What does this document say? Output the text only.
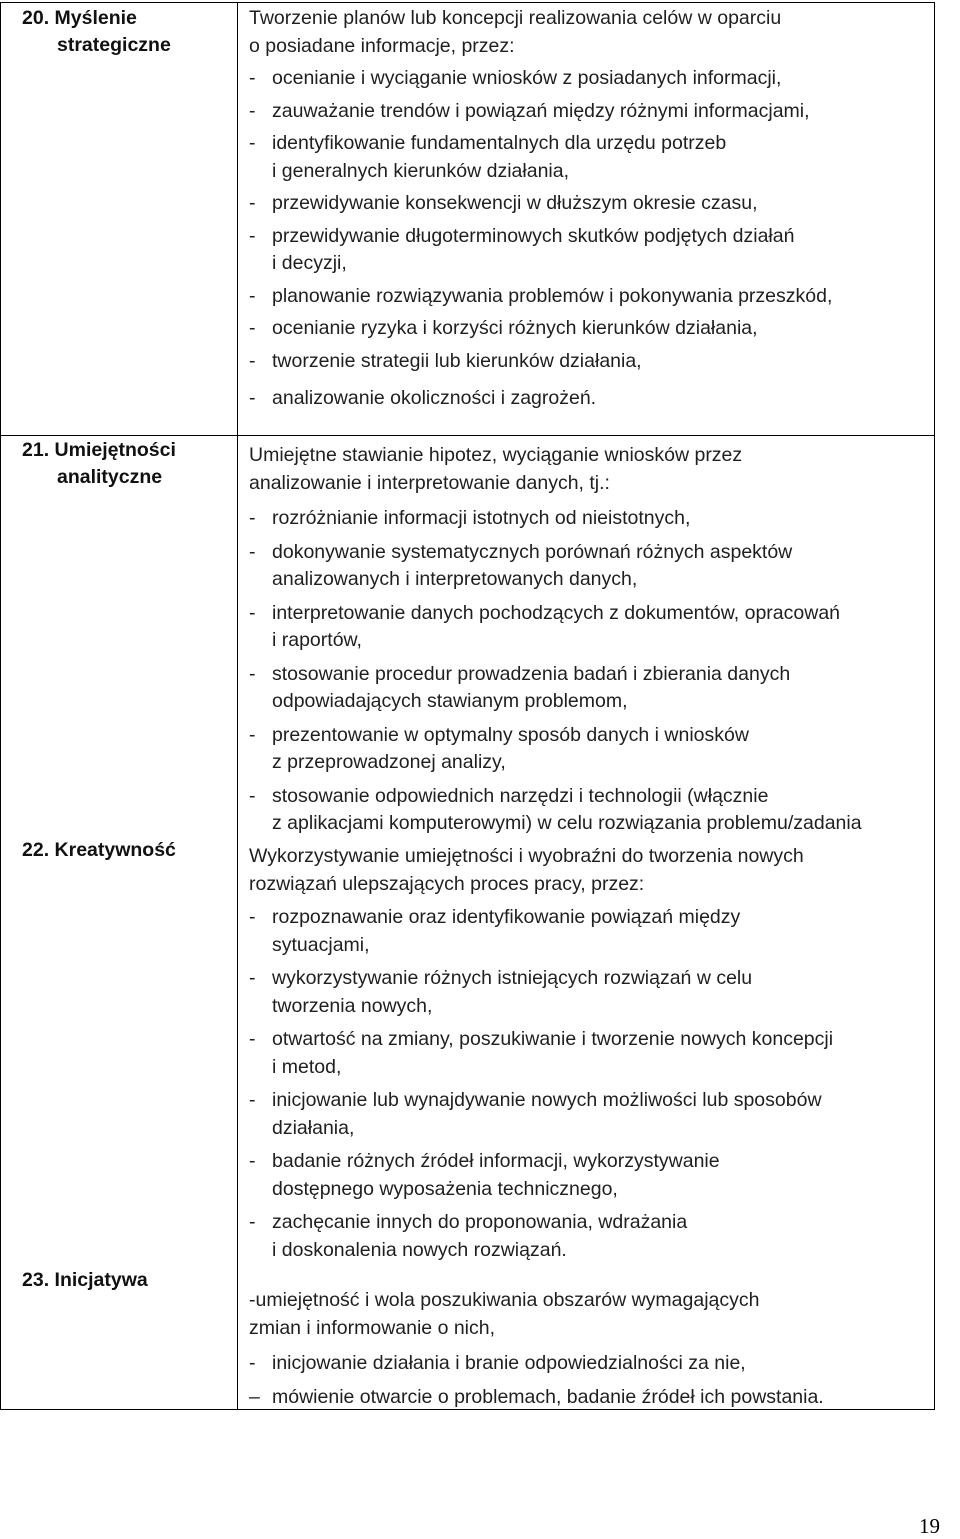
20. Myślenie
strategiczne
21. Umiejętności
analityczne
22. Kreatywność
23. Inicjatywa

Tworzenie planów lub koncepcji realizowania celów w oparciu
o posiadane informacje, przez:

- ocenianie i wyciąganie wniosków z posiadanych informacji,
- zauważanie trendów i powiązań między różnymi informacjami,
- identyfikowanie fundamentalnych dla urzędu potrzeb
i generalnych kierunków działania,
- przewidywanie konsekwencji w dłuższym okresie czasu,
- przewidywanie długoterminowych skutków podjętych działań
i decyzji,
- planowanie rozwiązywania problemów i pokonywania przeszkód,
- ocenianie ryzyka i korzyści różnych kierunków działania,
- tworzenie strategii lub kierunków działania,
- analizowanie okoliczności i zagrożeń.

Umiejętne stawianie hipotez, wyciąganie wniosków przez
analizowanie i interpretowanie danych, tj.:

- rozróżnianie informacji istotnych od nieistotnych,
- dokonywanie systematycznych porównań różnych aspektów
analizowanych i interpretowanych danych,
- interpretowanie danych pochodzących z dokumentów, opracowań
i raportów,
- stosowanie procedur prowadzenia badań i zbierania danych
odpowiadających stawianym problemom,
- prezentowanie w optymalny sposób danych i wniosków
z przeprowadzonej analizy,
- stosowanie odpowiednich narzędzi i technologii (włącznie
z aplikacjami komputerowymi) w celu rozwiązania problemu/zadania

Wykorzystywanie umiejętności i wyobraźni do tworzenia nowych
rozwiązań ulepszających proces pracy, przez:

- rozpoznawanie oraz identyfikowanie powiązań między
sytuacjami,
- wykorzystywanie różnych istniejących rozwiązań w celu
tworzenia nowych,
- otwartość na zmiany, poszukiwanie i tworzenie nowych koncepcji
i metod,
- inicjowanie lub wynajdywanie nowych możliwości lub sposobów
działania,
- badanie różnych źródeł informacji, wykorzystywanie
dostępnego wyposażenia technicznego,
- zachęcanie innych do proponowania, wdrażania
i doskonalenia nowych rozwiązań.

-umiejętność i wola poszukiwania obszarów wymagających
zmian i informowanie o nich,

- inicjowanie działania i branie odpowiedzialności za nie,
– mówienie otwarcie o problemach, badanie źródeł ich powstania.
19
